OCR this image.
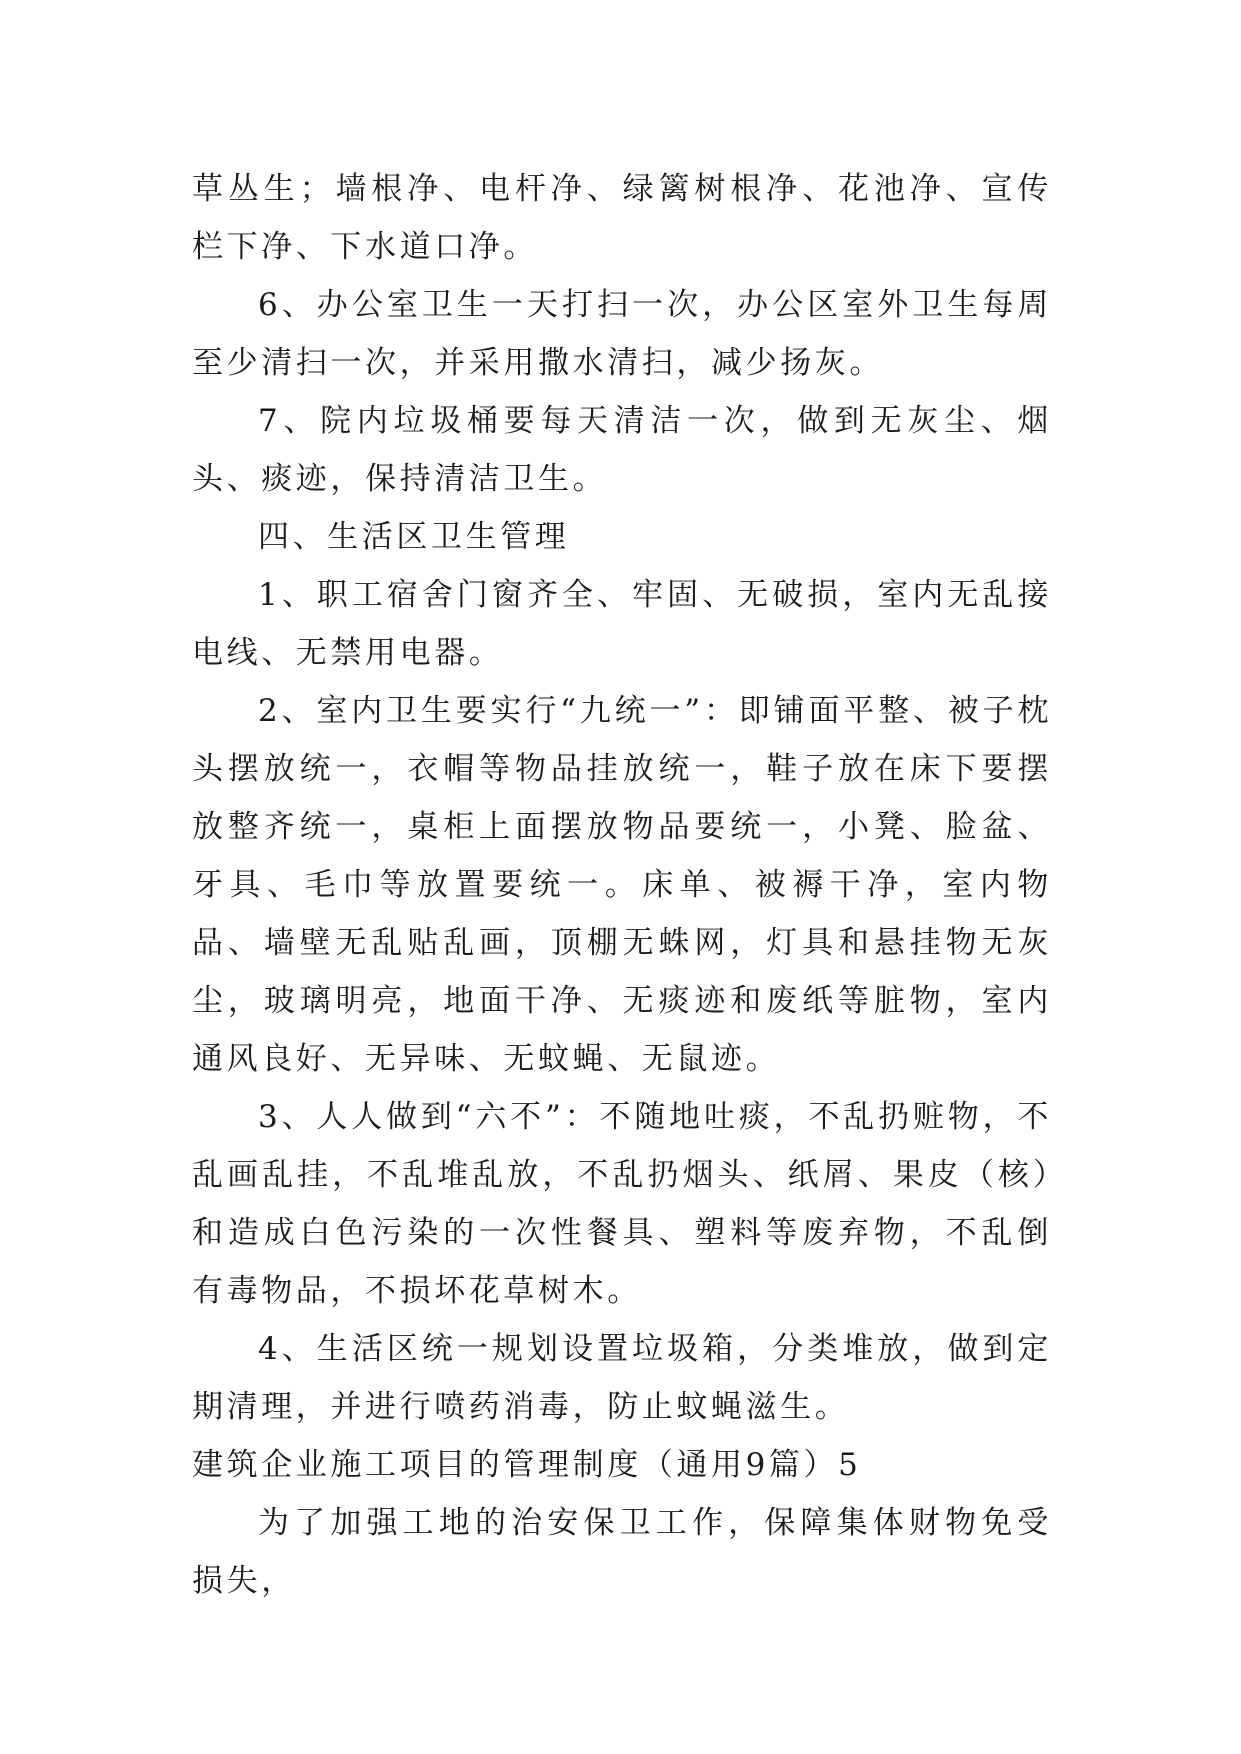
草丛生；墙根净、电杆净、绿篱树根净、花池净、宣传栏下净、下水道口净。

6、办公室卫生一天打扫一次，办公区室外卫生每周至少清扫一次，并采用撒水清扫，减少扬灰。

7、院内垃圾桶要每天清洁一次，做到无灰尘、烟头、痰迹，保持清洁卫生。

四、生活区卫生管理

1、职工宿舍门窗齐全、牢固、无破损，室内无乱接电线、无禁用电器。

2、室内卫生要实行“九统一”：即铺面平整、被子枕头摆放统一，衣帽等物品挂放统一，鞋子放在床下要摆放整齐统一，桌柜上面摆放物品要统一，小凳、脸盆、牙具、毛巾等放置要统一。床单、被褥干净，室内物品、墙壁无乱贴乱画，顶棚无蛛网，灯具和悬挂物无灰尘，玻璃明亮，地面干净、无痰迹和废纸等脏物，室内通风良好、无异味、无蚊蝇、无鼠迹。

3、人人做到“六不”：不随地吐痰，不乱扔赃物，不乱画乱挂，不乱堆乱放，不乱扔烟头、纸屑、果皮（核）和造成白色污染的一次性餐具、塑料等废弃物，不乱倒有毒物品，不损坏花草树木。

4、生活区统一规划设置垃圾箱，分类堆放，做到定期清理，并进行喷药消毒，防止蚊蝇滋生。

建筑企业施工项目的管理制度（通用9篇）5

为了加强工地的治安保卫工作，保障集体财物免受损失，
